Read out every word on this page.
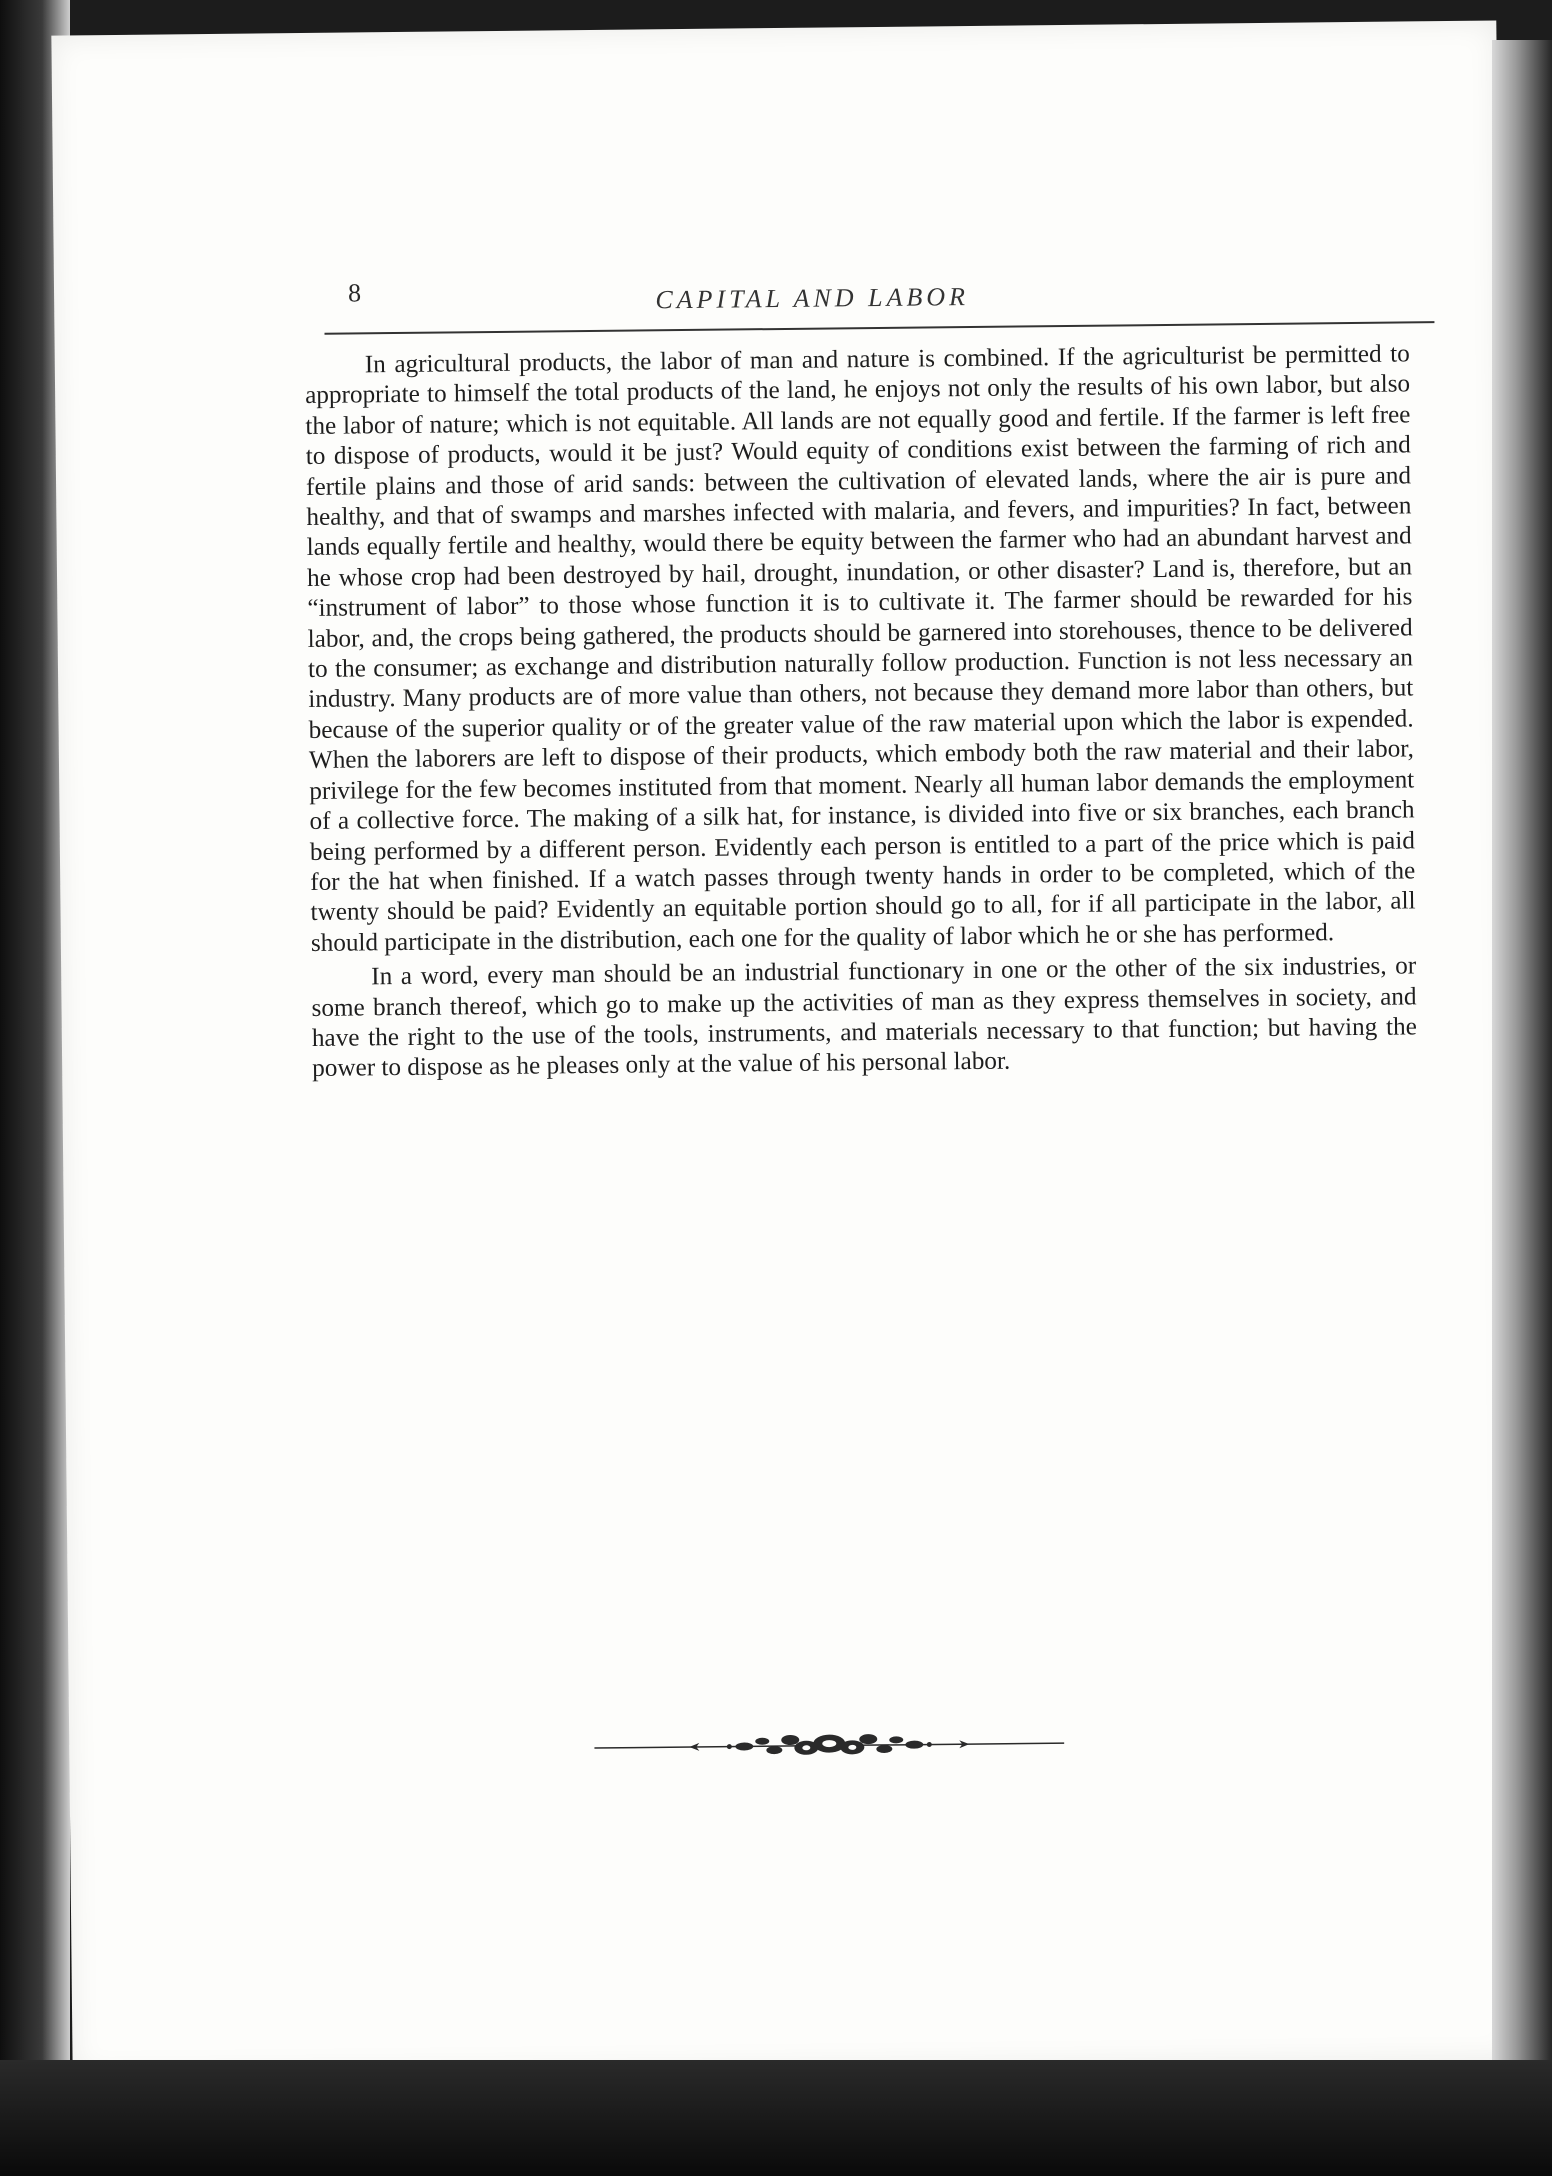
8	CAPITAL AND LABOR

In agricultural products, the labor of man and nature is combined. If the agriculturist be permitted to appropriate to himself the total products of the land, he enjoys not only the results of his own labor, but also the labor of nature; which is not equitable. All lands are not equally good and fertile. If the farmer is left free to dispose of products, would it be just? Would equity of conditions exist between the farming of rich and fertile plains and those of arid sands: between the cultivation of elevated lands, where the air is pure and healthy, and that of swamps and marshes infected with malaria, and fevers, and impurities? In fact, between lands equally fertile and healthy, would there be equity between the farmer who had an abundant harvest and he whose crop had been destroyed by hail, drought, inundation, or other disaster? Land is, therefore, but an “instrument of labor” to those whose function it is to cultivate it. The farmer should be rewarded for his labor, and, the crops being gathered, the products should be garnered into storehouses, thence to be delivered to the consumer; as exchange and distribution naturally follow production. Function is not less necessary an industry. Many products are of more value than others, not because they demand more labor than others, but because of the superior quality or of the greater value of the raw material upon which the labor is expended. When the laborers are left to dispose of their products, which embody both the raw material and their labor, privilege for the few becomes instituted from that moment. Nearly all human labor demands the employment of a collective force. The making of a silk hat, for instance, is divided into five or six branches, each branch being performed by a different person. Evidently each person is entitled to a part of the price which is paid for the hat when finished. If a watch passes through twenty hands in order to be completed, which of the twenty should be paid? Evidently an equitable portion should go to all, for if all participate in the labor, all should participate in the distribution, each one for the quality of labor which he or she has performed.

In a word, every man should be an industrial functionary in one or the other of the six industries, or some branch thereof, which go to make up the activities of man as they express themselves in society, and have the right to the use of the tools, instruments, and materials necessary to that function; but having the power to dispose as he pleases only at the value of his personal labor.
